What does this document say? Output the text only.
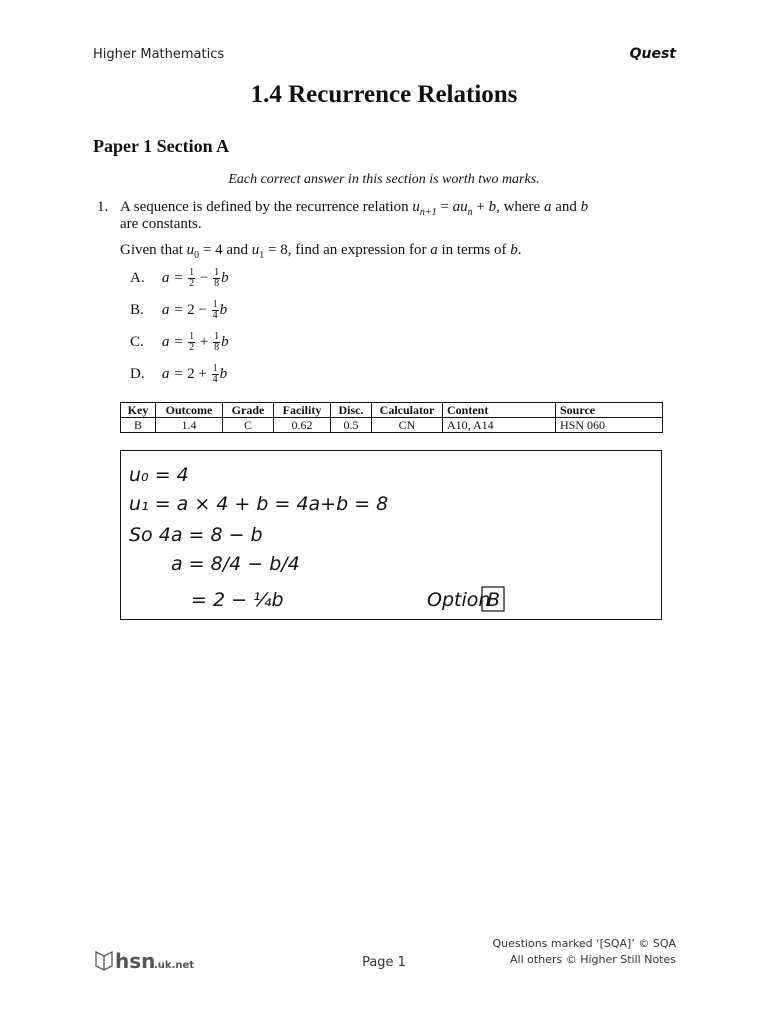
Higher Mathematics	Quest
1.4 Recurrence Relations
Paper 1 Section A
Each correct answer in this section is worth two marks.
1. A sequence is defined by the recurrence relation $u_{n+1} = au_n + b$, where a and b
are constants.
Given that $u_0 = 4$ and $u_1 = 8$, find an expression for a in terms of b.
A. $a = \frac{1}{2} - \frac{1}{8}$ b
B. $a = 2 - \frac{1}{4}$ b
C. $a = \frac{1}{2} + \frac{1}{8}$ b
D. $a = 2 + \frac{1}{4}$ b
Key	Outcome	Grade	Facility	Disc.	Calculator	Content	Source
B	1.4	C	0.62	0.5	CN	A10, A14	HSN 060
u₀ = 4
u₁ = a × 4 + b = 4a+b = 8
So 4a = 8 − b
a = 8/4 − b/4
= 2 − ¼b	Option
B
hsn
.uk.net	Page 1
Questions marked ‘[SQA]’ © SQA
All others © Higher Still Notes
